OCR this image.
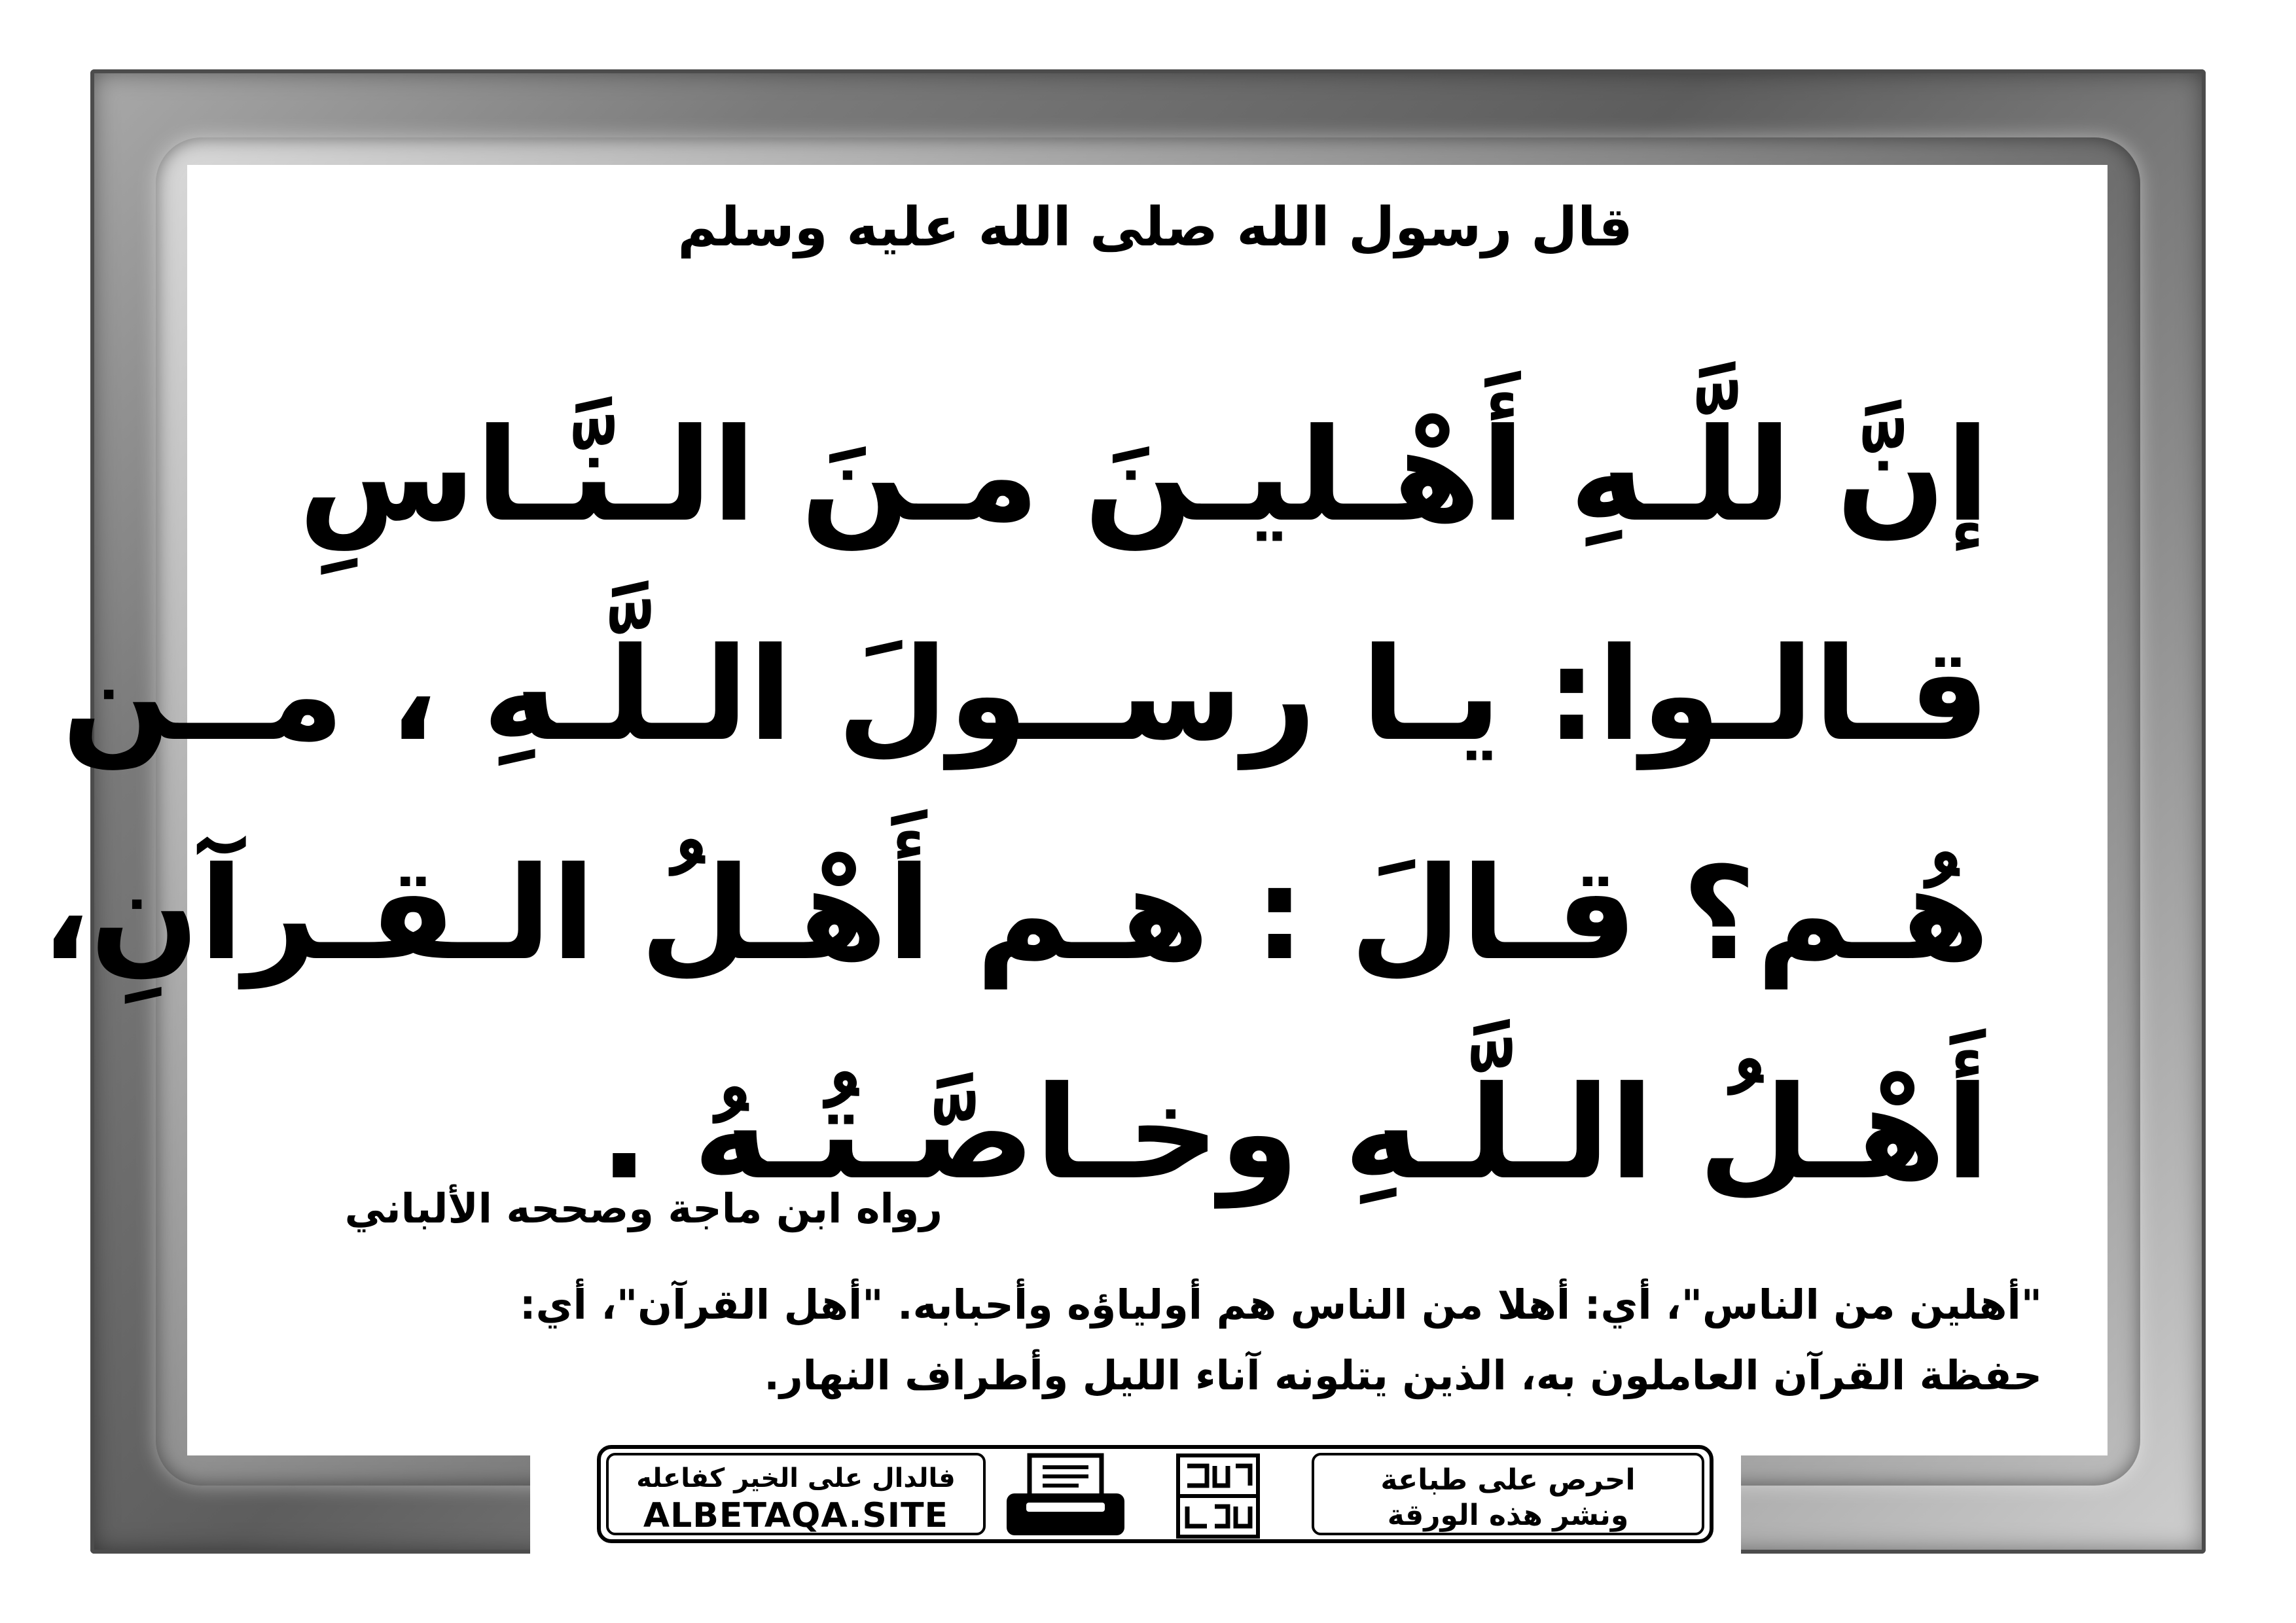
قال رسول الله صلى الله عليه وسلم
إنَّ للَّـهِ أَهْـليـنَ مـنَ الـنَّـاسِ
قـالـوا: يـا رســولَ الـلَّـهِ ، مــن
هُـم؟ قـالَ : هـم أَهْـلُ الـقـرآنِ،
أَهْـلُ الـلَّـهِ وخـاصَّـتُـهُ .
رواه ابن ماجة وصححه الألباني
"أهلين من الناس"، أي: أهلا من الناس هم أولياؤه وأحبابه. "أهل القرآن"، أي:
حفظة القرآن العاملون به، الذين يتلونه آناء الليل وأطراف النهار.
فالدال على الخير كفاعله
ALBETAQA.SITE
احرص على طباعة
ونشر هذه الورقة
